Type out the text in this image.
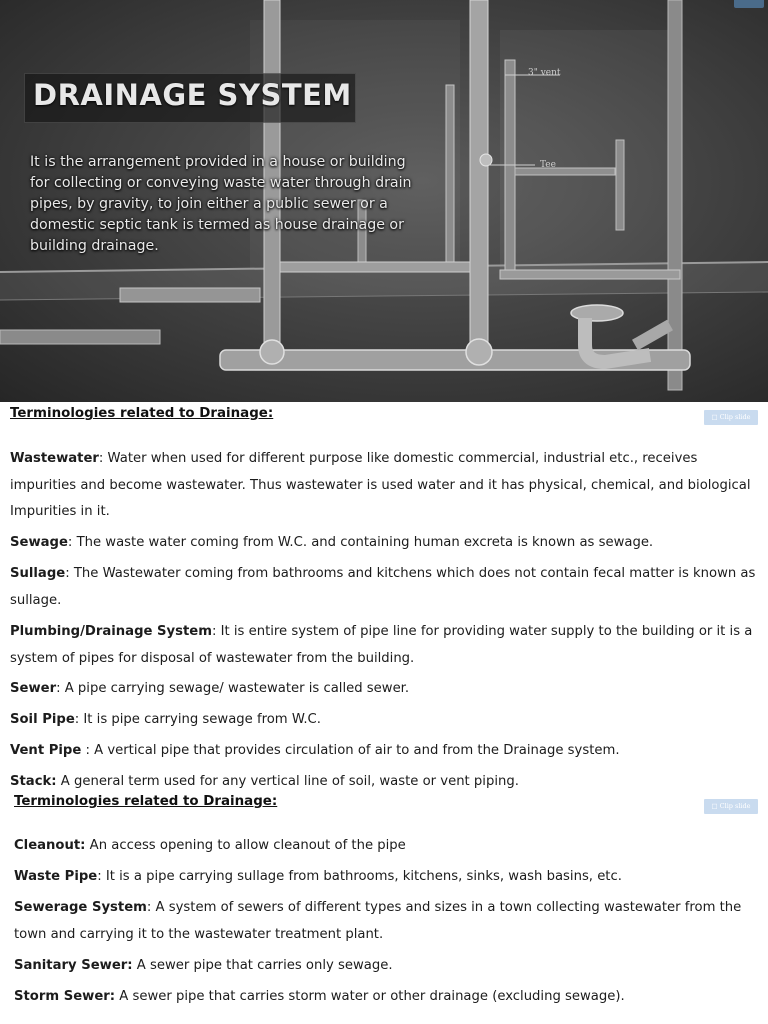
3" vent
Tee
DRAINAGE SYSTEM
It is the arrangement provided in a house or building for collecting or conveying waste water through drain pipes, by gravity, to join either a public sewer or a domestic septic tank is termed as house drainage or building drainage.
Terminologies related to Drainage:	□ Clip slide
Wastewater: Water when used for different purpose like domestic commercial, industrial etc., receives impurities and become wastewater. Thus wastewater is used water and it has physical, chemical, and biological Impurities in it.
Sewage: The waste water coming from W.C. and containing human excreta is known as sewage.
Sullage: The Wastewater coming from bathrooms and kitchens which does not contain fecal matter is known as sullage.
Plumbing/Drainage System: It is entire system of pipe line for providing water supply to the building or it is a system of pipes for disposal of wastewater from the building.
Sewer: A pipe carrying sewage/ wastewater is called sewer.
Soil Pipe: It is pipe carrying sewage from W.C.
Vent Pipe : A vertical pipe that provides circulation of air to and from the Drainage system.
Stack: A general term used for any vertical line of soil, waste or vent piping.
Terminologies related to Drainage:	□ Clip slide
Cleanout: An access opening to allow cleanout of the pipe
Waste Pipe: It is a pipe carrying sullage from bathrooms, kitchens, sinks, wash basins, etc.
Sewerage System: A system of sewers of different types and sizes in a town collecting wastewater from the town and carrying it to the wastewater treatment plant.
Sanitary Sewer: A sewer pipe that carries only sewage.
Storm Sewer: A sewer pipe that carries storm water or other drainage (excluding sewage).
